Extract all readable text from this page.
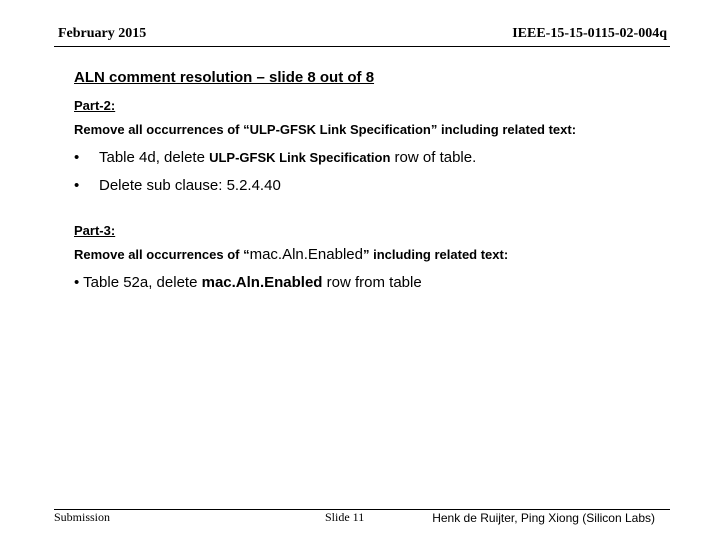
February 2015	IEEE-15-15-0115-02-004q

ALN comment resolution – slide 8 out of 8

Part-2:

Remove all occurrences of “ULP-GFSK Link Specification” including related text:

• Table 4d, delete ULP-GFSK Link Specification row of table.
• Delete sub clause: 5.2.4.40

Part-3:

Remove all occurrences of “mac.Aln.Enabled” including related text:

• Table 52a, delete mac.Aln.Enabled row from table

Submission	Slide 11	Henk de Ruijter, Ping Xiong (Silicon Labs)
